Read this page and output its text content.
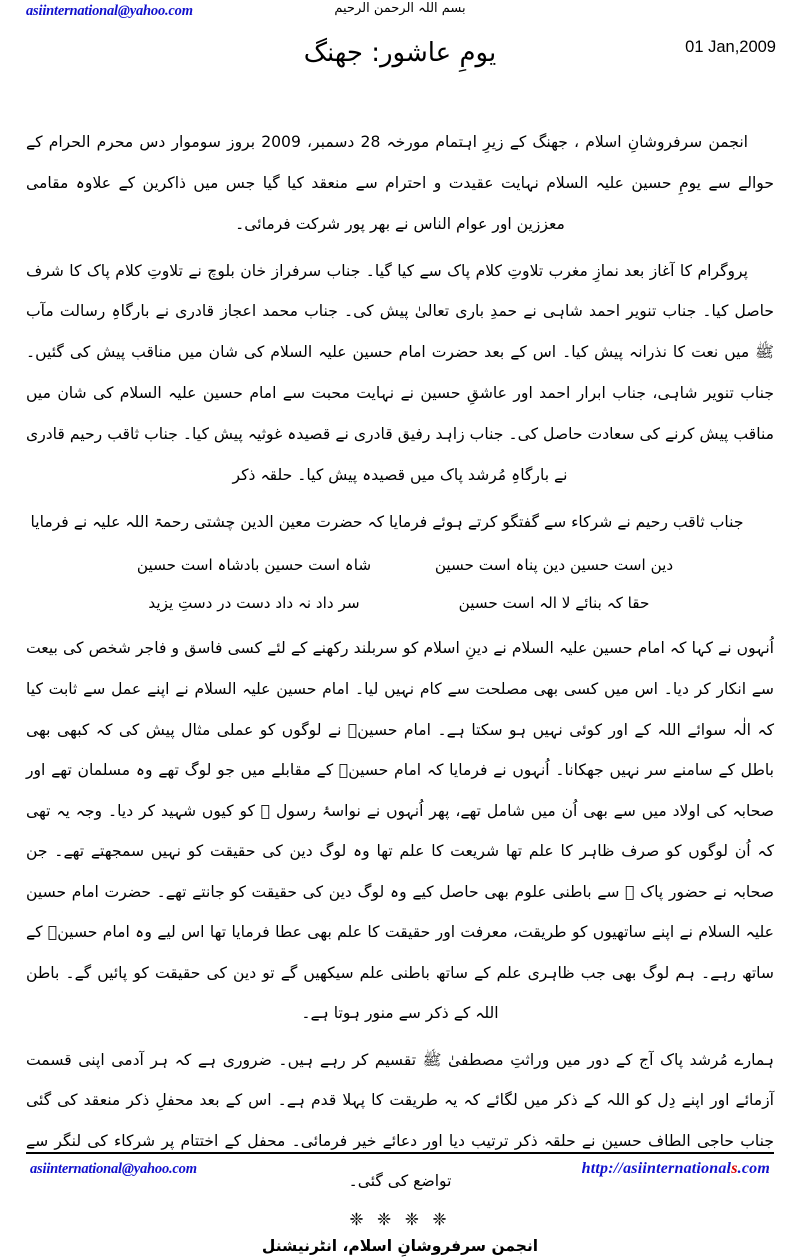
asiinternational@yahoo.com	بسم اللہ الرحمن الرحیم
یومِ عاشور: جھنگ	01 Jan,2009

انجمن سرفروشانِ اسلام ، جھنگ کے زیرِ اہتمام مورخہ 28 دسمبر، 2009 بروز سوموار دس محرم الحرام کے حوالے سے یومِ حسین علیہ السلام نہایت عقیدت و احترام سے منعقد کیا گیا جس میں ذاکرین کے علاوہ مقامی معززین اور عوام الناس نے بھر پور شرکت فرمائی۔

پروگرام کا آغاز بعد نمازِ مغرب تلاوتِ کلام پاک سے کیا گیا۔ جناب سرفراز خان بلوچ نے تلاوتِ کلام پاک کا شرف حاصل کیا۔ جناب تنویر احمد شاہی نے حمدِ باری تعالیٰ پیش کی۔ جناب محمد اعجاز قادری نے بارگاہِ رسالت مآب ﷺ میں نعت کا نذرانہ پیش کیا۔ اس کے بعد حضرت امام حسین علیہ السلام کی شان میں مناقب پیش کی گئیں۔ جناب تنویر شاہی، جناب ابرار احمد اور عاشقِ حسین نے نہایت محبت سے امام حسین علیہ السلام کی شان میں مناقب پیش کرنے کی سعادت حاصل کی۔ جناب زاہد رفیق قادری نے قصیدہ غوثیہ پیش کیا۔ جناب ثاقب رحیم قادری نے بارگاہِ مُرشد پاک میں قصیدہ پیش کیا۔ حلقہ ذکر

جناب ثاقب رحیم نے شرکاء سے گفتگو کرتے ہوئے فرمایا کہ حضرت معین الدین چشتی رحمۃ اللہ علیہ نے فرمایا

دین است حسین دین پناہ است حسین
شاہ است حسین بادشاہ است حسین
حقا کہ بنائے لا الہ است حسین
سر داد نہ داد دست در دستِ یزید

اُنہوں نے کہا کہ امام حسین علیہ السلام نے دینِ اسلام کو سربلند رکھنے کے لئے کسی فاسق و فاجر شخص کی بیعت سے انکار کر دیا۔ اس میں کسی بھی مصلحت سے کام نہیں لیا۔ امام حسین علیہ السلام نے اپنے عمل سے ثابت کیا کہ الٰہ سوائے اللہ کے اور کوئی نہیں ہو سکتا ہے۔ امام حسینؓ نے لوگوں کو عملی مثال پیش کی کہ کبھی بھی باطل کے سامنے سر نہیں جھکانا۔ اُنہوں نے فرمایا کہ امام حسینؓ کے مقابلے میں جو لوگ تھے وہ مسلمان تھے اور صحابہ کی اولاد میں سے بھی اُن میں شامل تھے، پھر اُنہوں نے نواسۂ رسول ﷺ کو کیوں شہید کر دیا۔ وجہ یہ تھی کہ اُن لوگوں کو صرف ظاہر کا علم تھا شریعت کا علم تھا وہ لوگ دین کی حقیقت کو نہیں سمجھتے تھے۔ جن صحابہ نے حضور پاک ﷺ سے باطنی علوم بھی حاصل کیے وہ لوگ دین کی حقیقت کو جانتے تھے۔ حضرت امام حسین علیہ السلام نے اپنے ساتھیوں کو طریقت، معرفت اور حقیقت کا علم بھی عطا فرمایا تھا اس لیے وہ امام حسینؓ کے ساتھ رہے۔ ہم لوگ بھی جب ظاہری علم کے ساتھ باطنی علم سیکھیں گے تو دین کی حقیقت کو پائیں گے۔ باطن اللہ کے ذکر سے منور ہوتا ہے۔

ہمارے مُرشد پاک آج کے دور میں وراثتِ مصطفیٰ ﷺ تقسیم کر رہے ہیں۔ ضروری ہے کہ ہر آدمی اپنی قسمت آزمائے اور اپنے دِل کو اللہ کے ذکر میں لگائے کہ یہ طریقت کا پہلا قدم ہے۔ اس کے بعد محفلِ ذکر منعقد کی گئی جناب حاجی الطاف حسین نے حلقہ ذکر ترتیب دیا اور دعائے خیر فرمائی۔ محفل کے اختتام پر شرکاء کی لنگر سے تواضع کی گئی۔

❈ ❈ ❈ ❈
انجمن سرفروشانِ اسلام، انٹرنیشنل
asiinternational@yahoo.com	http://asiinternationals.com
